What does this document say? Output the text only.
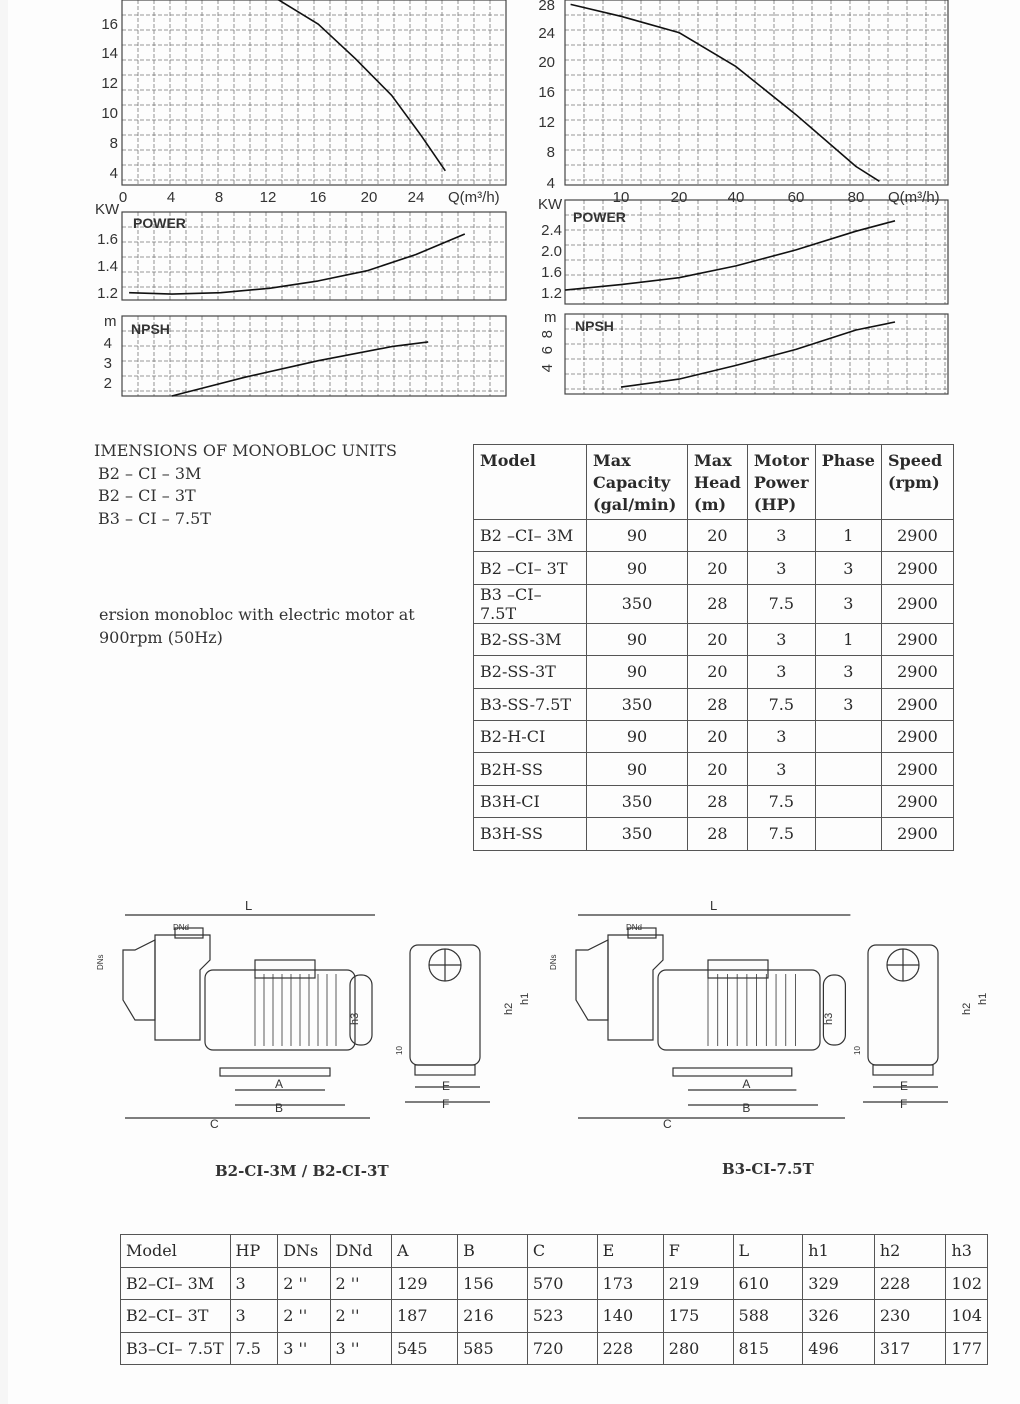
4
8
10
12
14
16
1.2
1.4
1.6
KW
POWER
2
3
4
m NPSH
0	4	8 12 16 20 24 Q(m³/h)
4
8
12
16
20
24
28
1.2
1.6
2.0
2.4
KW
POWER
4
6
8
m NPSH
10	20	40	60	80 Q(m³/h)
IMENSIONS OF MONOBLOC UNITS
B2 – CI – 3M
B2 – CI – 3T
B3 – CI – 7.5T
ersion monobloc with electric motor at
900rpm (50Hz)
Model	Max Capacity (gal/min)	Max Head (m)	Motor Power (HP)	Phase	Speed (rpm)
B2 –CI– 3M	90	20	3	1	2900
B2 –CI– 3T	90	20	3	3	2900
B3 –CI– 7.5T	350	28	7.5	3	2900
B2-SS-3M	90	20	3	1	2900
B2-SS-3T	90	20	3	3	2900
B3-SS-7.5T	350	28	7.5	3	2900
B2-H-CI	90	20	3		2900
B2H-SS	90	20	3		2900
B3H-CI	350	28	7.5		2900
B3H-SS	350	28	7.5		2900
L
DNd
DNs
A
B
C
h3
E
F
h2
h1
10
L
DNd
DNs
A
B
C
h3
E
F
h2
h1
10
B2-CI-3M / B2-CI-3T	B3-CI-7.5T
Model	HP	DNs	DNd	A	B	C	E	F	L	h1	h2	h3
B2–CI– 3M	3	2 ''	2 ''	129	156	570	173	219	610	329	228	102
B2–CI– 3T	3	2 ''	2 ''	187	216	523	140	175	588	326	230	104
B3–CI– 7.5T	7.5	3 ''	3 ''	545	585	720	228	280	815	496	317	177
